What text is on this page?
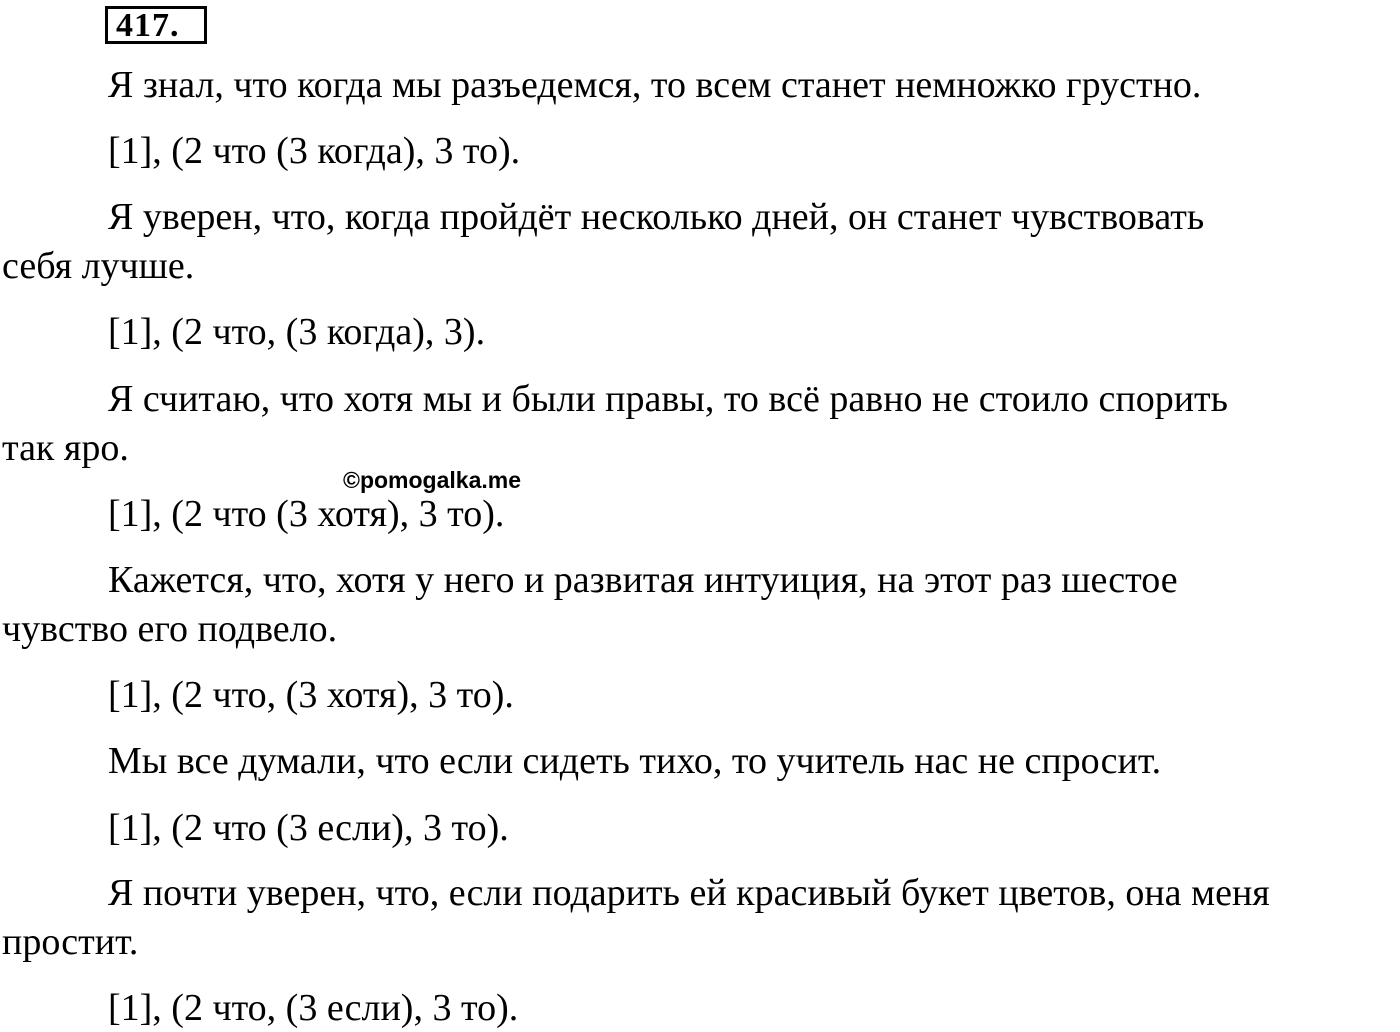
417.
Я знал, что когда мы разъедемся, то всем станет немножко грустно.
[1], (2 что (3 когда), 3 то).
Я уверен, что, когда пройдёт несколько дней, он станет чувствовать
себя лучше.
[1], (2 что, (3 когда), 3).
Я считаю, что хотя мы и были правы, то всё равно не стоило спорить
так яро.
[1], (2 что (3 хотя), 3 то).
©pomogalka.me
Кажется, что, хотя у него и развитая интуиция, на этот раз шестое
чувство его подвело.
[1], (2 что, (3 хотя), 3 то).
Мы все думали, что если сидеть тихо, то учитель нас не спросит.
[1], (2 что (3 если), 3 то).
Я почти уверен, что, если подарить ей красивый букет цветов, она меня
простит.
[1], (2 что, (3 если), 3 то).
